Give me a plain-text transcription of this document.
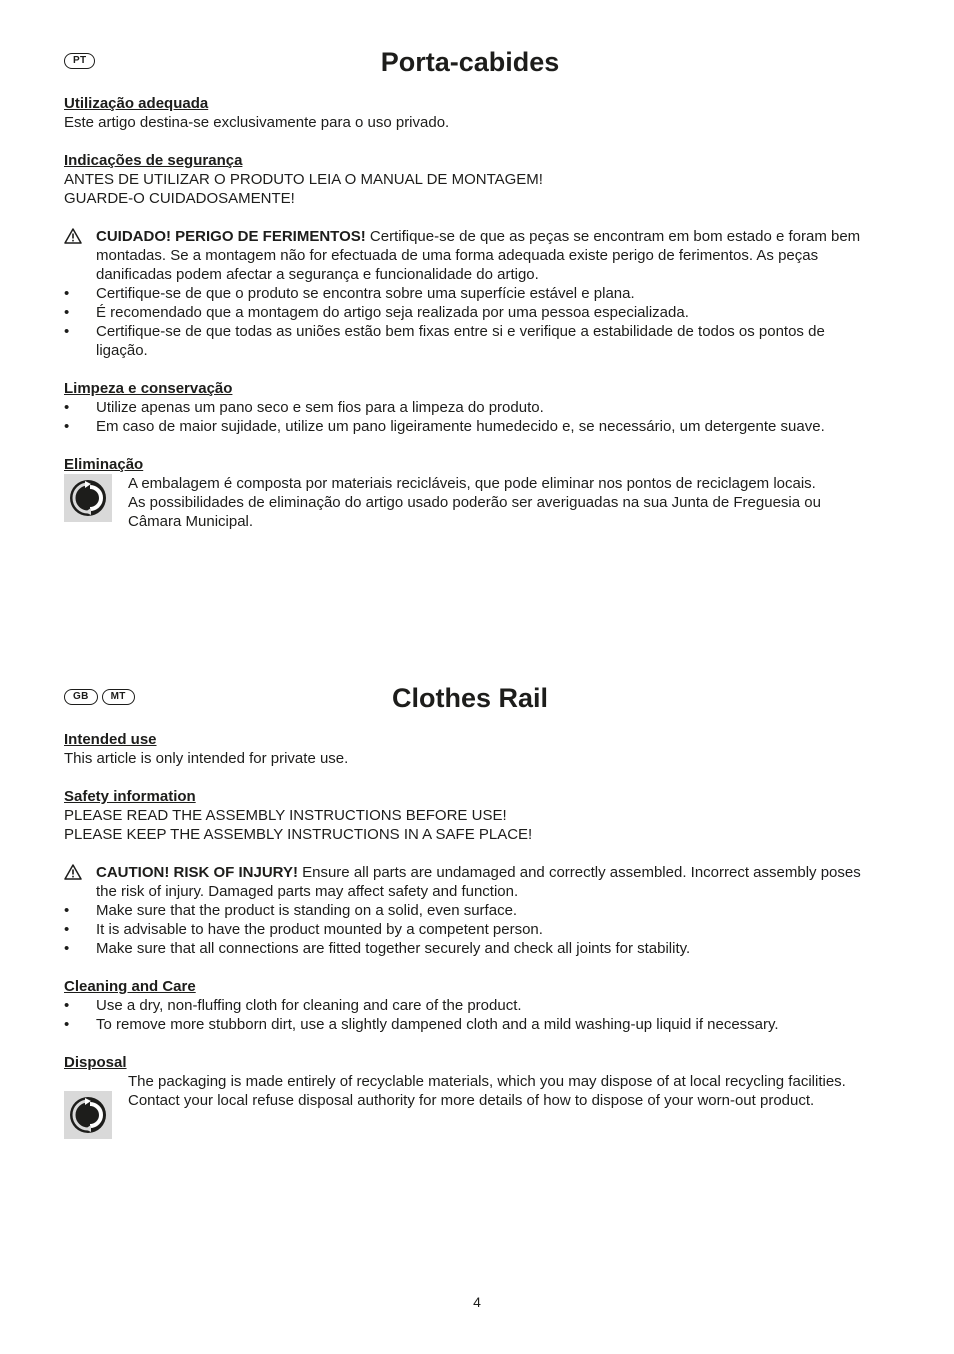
PT	Porta-cabides
Utilização adequada
Este artigo destina-se exclusivamente para o uso privado.
Indicações de segurança
ANTES DE UTILIZAR O PRODUTO LEIA O MANUAL DE MONTAGEM!
GUARDE-O CUIDADOSAMENTE!
CUIDADO! PERIGO DE FERIMENTOS! Certifique-se de que as peças se encontram em bom estado e foram bem montadas. Se a montagem não for efectuada de uma forma adequada existe perigo de ferimentos. As peças danificadas podem afectar a segurança e funcionalidade do artigo.
•	Certifique-se de que o produto se encontra sobre uma superfície estável e plana.
•	É recomendado que a montagem do artigo seja realizada por uma pessoa especializada.
•	Certifique-se de que todas as uniões estão bem fixas entre si e verifique a estabilidade de todos os pontos de ligação.
Limpeza e conservação
•	Utilize apenas um pano seco e sem fios para a limpeza do produto.
•	Em caso de maior sujidade, utilize um pano ligeiramente humedecido e, se necessário, um detergente suave.
Eliminação
A embalagem é composta por materiais recicláveis, que pode eliminar nos pontos de reciclagem locais.
As possibilidades de eliminação do artigo usado poderão ser averiguadas na sua Junta de Freguesia ou Câmara Municipal.
GB	MT	Clothes Rail
Intended use
This article is only intended for private use.
Safety information
PLEASE READ THE ASSEMBLY INSTRUCTIONS BEFORE USE!
PLEASE KEEP THE ASSEMBLY INSTRUCTIONS IN A SAFE PLACE!
CAUTION! RISK OF INJURY! Ensure all parts are undamaged and correctly assembled. Incorrect assembly poses the risk of injury. Damaged parts may affect safety and function.
•	Make sure that the product is standing on a solid, even surface.
•	It is advisable to have the product mounted by a competent person.
•	Make sure that all connections are fitted together securely and check all joints for stability.
Cleaning and Care
•	Use a dry, non-fluffing cloth for cleaning and care of the product.
•	To remove more stubborn dirt, use a slightly dampened cloth and a mild washing-up liquid if necessary.
Disposal
The packaging is made entirely of recyclable materials, which you may dispose of at local recycling facilities.
Contact your local refuse disposal authority for more details of how to dispose of your worn-out product.
4
